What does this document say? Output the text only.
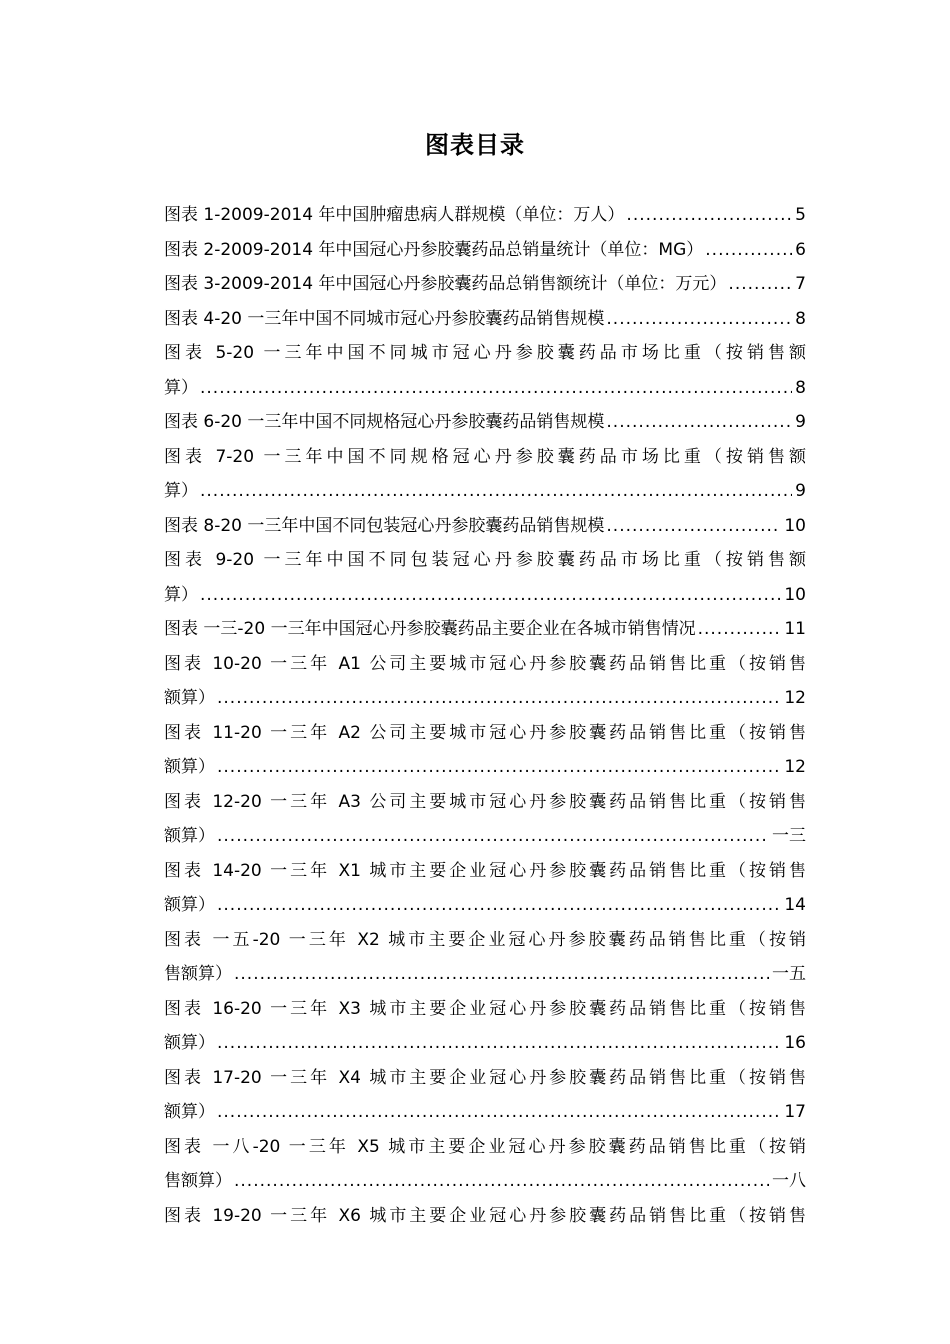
图表目录
图表 1-2009-2014 年中国肿瘤患病人群规模（单位：万人） .....	5
图表 2-2009-2014 年中国冠心丹参胶囊药品总销量统计（单位：MG） .....	6
图表 3-2009-2014 年中国冠心丹参胶囊药品总销售额统计（单位：万元） .....	7
图表 4-20 一三年中国不同城市冠心丹参胶囊药品销售规模 .....	8
图表 5-20 一三年中国不同城市冠心丹参胶囊药品市场比重（按销售额
算） .....	8
图表 6-20 一三年中国不同规格冠心丹参胶囊药品销售规模 .....	9
图表 7-20 一三年中国不同规格冠心丹参胶囊药品市场比重（按销售额
算） .....	9
图表 8-20 一三年中国不同包装冠心丹参胶囊药品销售规模 .....	10
图表 9-20 一三年中国不同包装冠心丹参胶囊药品市场比重（按销售额
算） .....	10
图表 一三-20 一三年中国冠心丹参胶囊药品主要企业在各城市销售情况 .....	11
图表 10-20 一三年 A1 公司主要城市冠心丹参胶囊药品销售比重（按销售
额算） .....	12
图表 11-20 一三年 A2 公司主要城市冠心丹参胶囊药品销售比重（按销售
额算） .....	12
图表 12-20 一三年 A3 公司主要城市冠心丹参胶囊药品销售比重（按销售
额算） .....	一三
图表 14-20 一三年 X1 城市主要企业冠心丹参胶囊药品销售比重（按销售
额算） .....	14
图表 一五-20 一三年 X2 城市主要企业冠心丹参胶囊药品销售比重（按销
售额算） .....	一五
图表 16-20 一三年 X3 城市主要企业冠心丹参胶囊药品销售比重（按销售
额算） .....	16
图表 17-20 一三年 X4 城市主要企业冠心丹参胶囊药品销售比重（按销售
额算） .....	17
图表 一八-20 一三年 X5 城市主要企业冠心丹参胶囊药品销售比重（按销
售额算） .....	一八
图表 19-20 一三年 X6 城市主要企业冠心丹参胶囊药品销售比重（按销售
